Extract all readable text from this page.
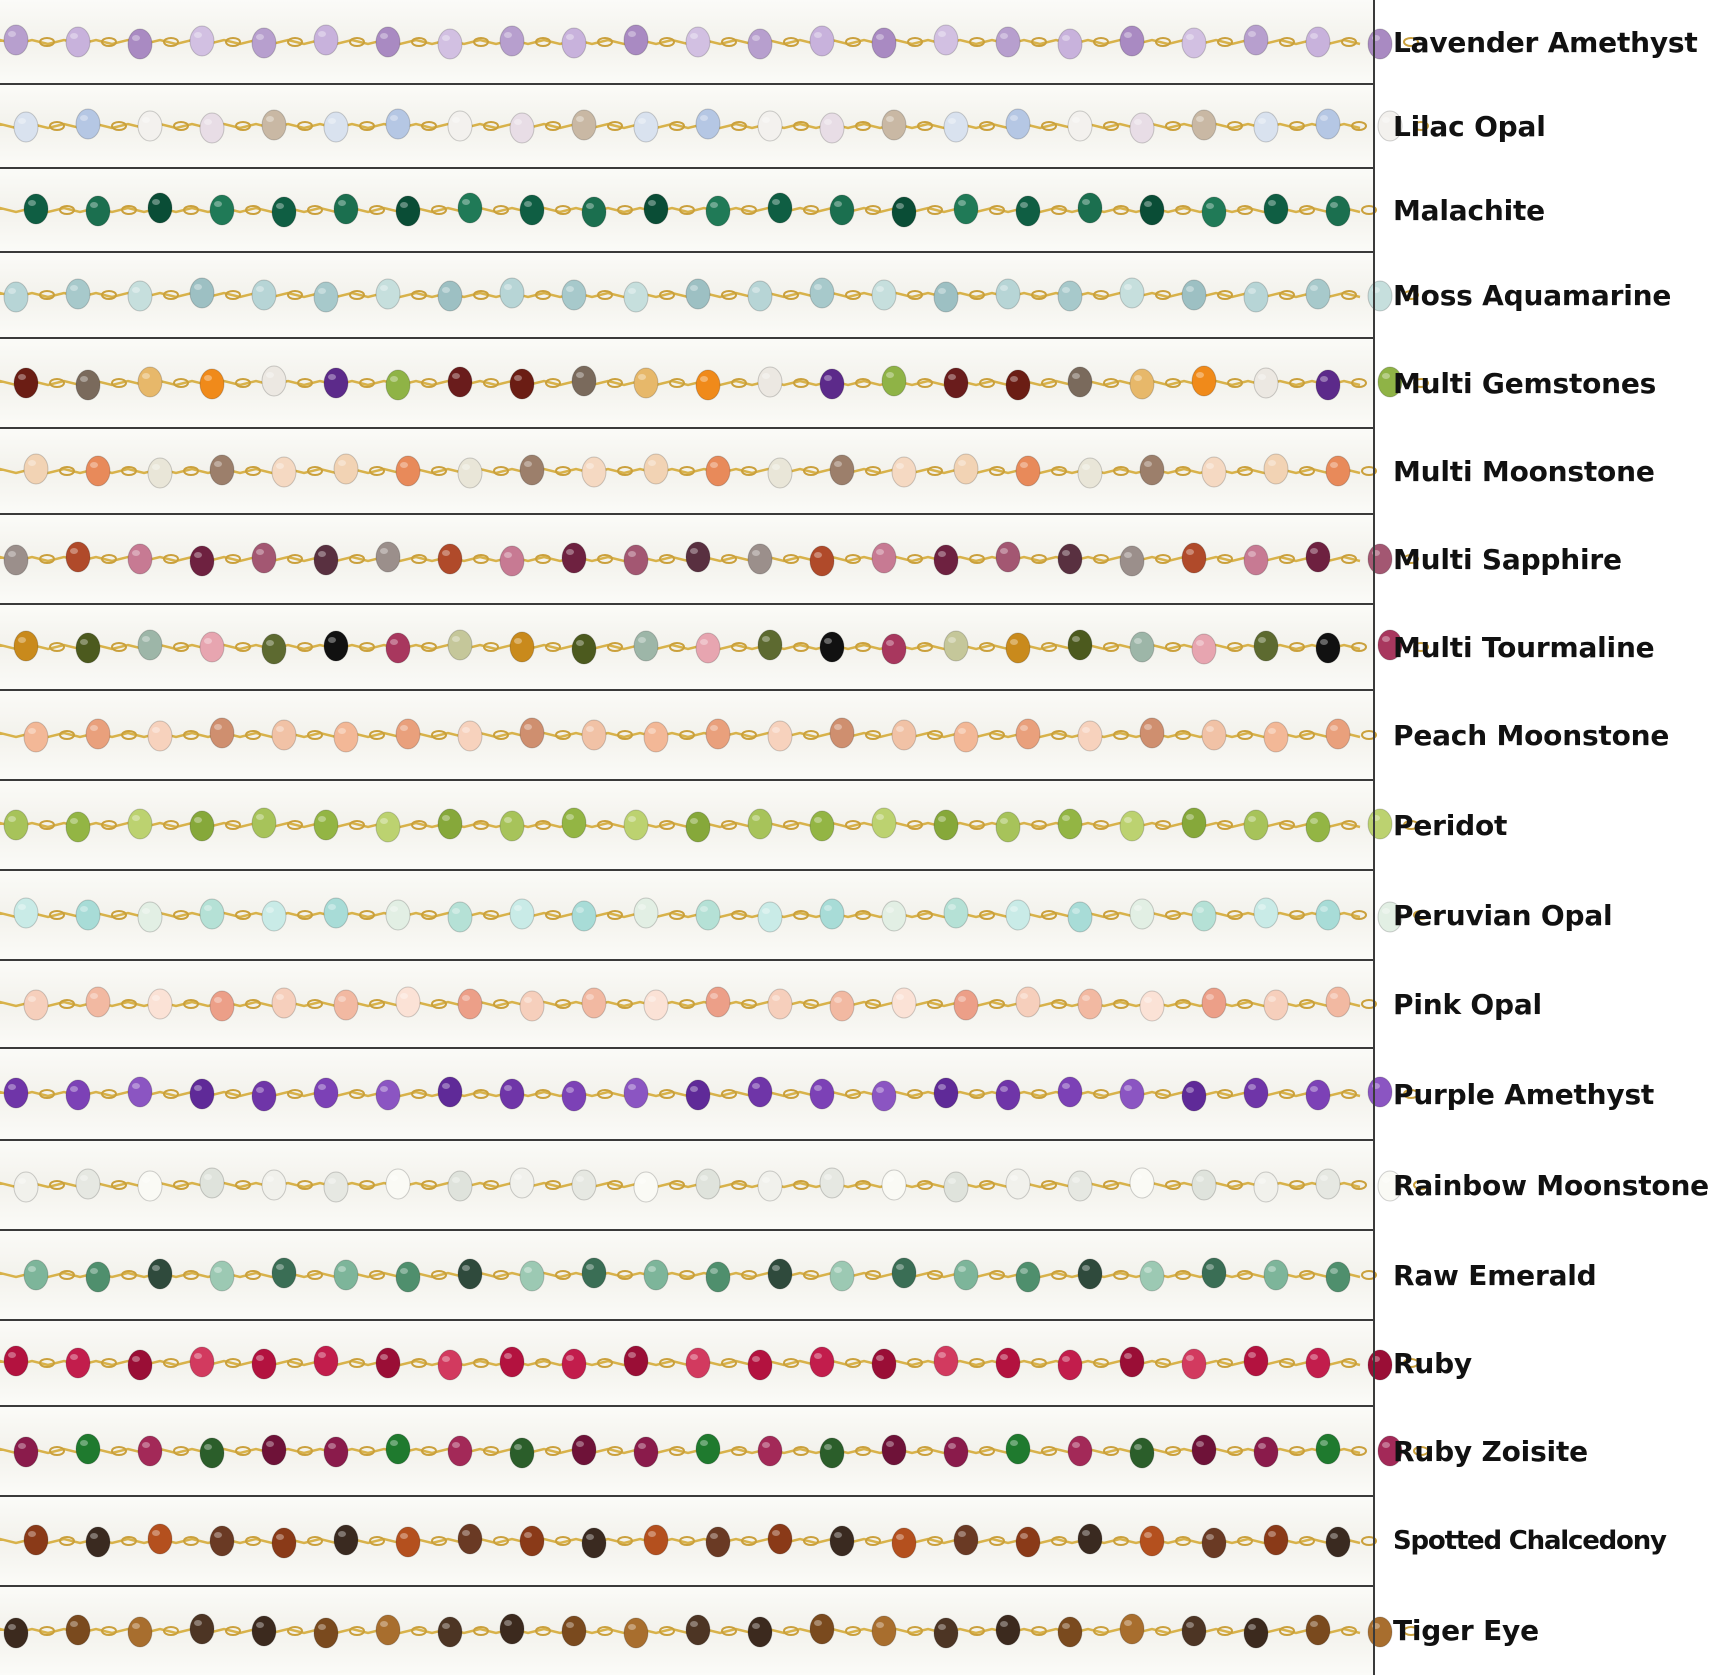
Lavender Amethyst
Lilac Opal
Malachite
Moss Aquamarine
Multi Gemstones
Multi Moonstone
Multi Sapphire
Multi Tourmaline
Peach Moonstone
Peridot
Peruvian Opal
Pink Opal
Purple Amethyst
Rainbow Moonstone
Raw Emerald
Ruby
Ruby Zoisite
Spotted Chalcedony
Tiger Eye
